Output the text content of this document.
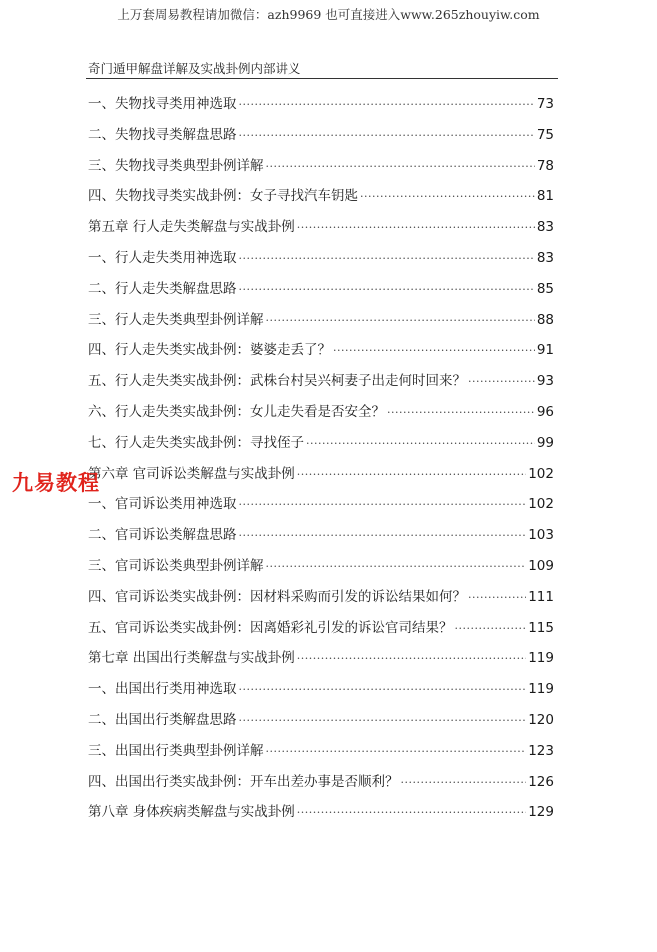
上万套周易教程请加微信：azh9969 也可直接进入www.265zhouyiw.com
奇门遁甲解盘详解及实战卦例内部讲义
一、失物找寻类用神选取 ·····	73
二、失物找寻类解盘思路 ·····	75
三、失物找寻类典型卦例详解 ·····	78
四、失物找寻类实战卦例：女子寻找汽车钥匙 ·····	81
第五章 行人走失类解盘与实战卦例 ·····	83
一、行人走失类用神选取 ·····	83
二、行人走失类解盘思路 ·····	85
三、行人走失类典型卦例详解 ·····	88
四、行人走失类实战卦例：婆婆走丢了？ ·····	91
五、行人走失类实战卦例：武株台村吴兴柯妻子出走何时回来？ ·····	93
六、行人走失类实战卦例：女儿走失看是否安全？ ·····	96
七、行人走失类实战卦例：寻找侄子 ·····	99
第六章 官司诉讼类解盘与实战卦例 ·····	102
一、官司诉讼类用神选取 ·····	102
二、官司诉讼类解盘思路 ·····	103
三、官司诉讼类典型卦例详解 ·····	109
四、官司诉讼类实战卦例：因材料采购而引发的诉讼结果如何？ ·····	111
五、官司诉讼类实战卦例：因离婚彩礼引发的诉讼官司结果？ ·····	115
第七章 出国出行类解盘与实战卦例 ·····	119
一、出国出行类用神选取 ·····	119
二、出国出行类解盘思路 ·····	120
三、出国出行类典型卦例详解 ·····	123
四、出国出行类实战卦例：开车出差办事是否顺利？ ·····	126
第八章 身体疾病类解盘与实战卦例 ·····	129
九易教程
